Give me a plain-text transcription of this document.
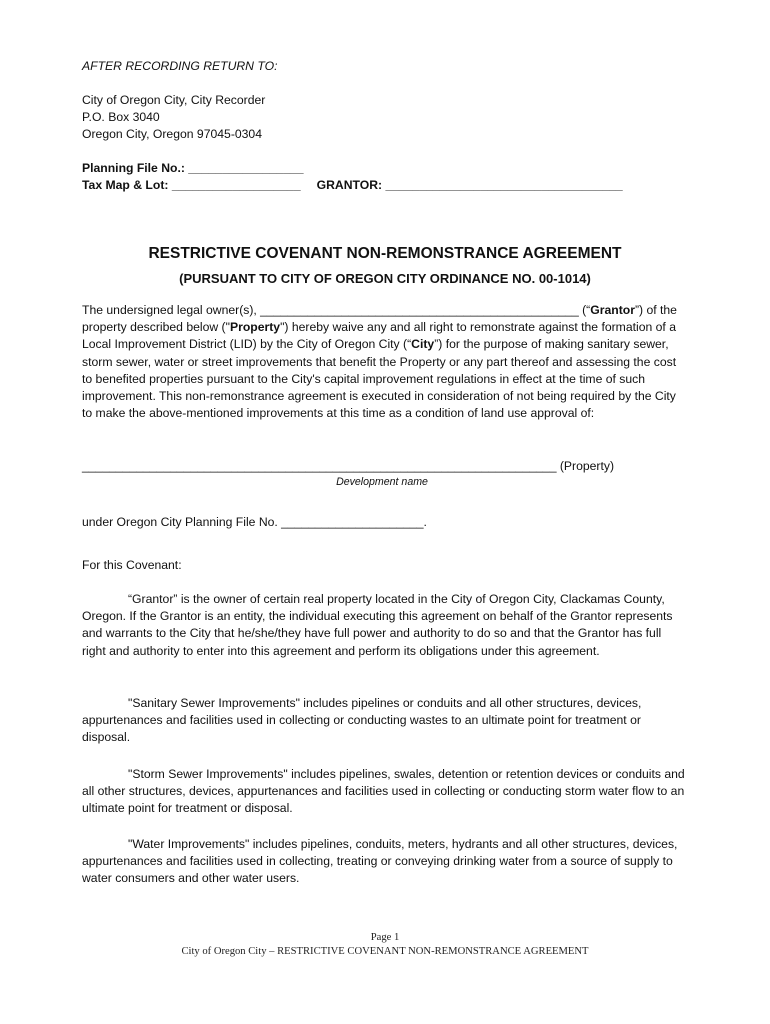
AFTER RECORDING RETURN TO:

City of Oregon City, City Recorder

P.O. Box 3040

Oregon City, Oregon 97045-0304

Planning File No.: _________________

Tax Map & Lot: ___________________ GRANTOR: ___________________________________

RESTRICTIVE COVENANT NON-REMONSTRANCE AGREEMENT

(PURSUANT TO CITY OF OREGON CITY ORDINANCE NO. 00-1014)

The undersigned legal owner(s), _______________________________________________ (“Grantor”) of the property described below ("Property") hereby waive any and all right to remonstrate against the formation of a Local Improvement District (LID) by the City of Oregon City (“City”) for the purpose of making sanitary sewer, storm sewer, water or street improvements that benefit the Property or any part thereof and assessing the cost to benefited properties pursuant to the City's capital improvement regulations in effect at the time of such improvement. This non-remonstrance agreement is executed in consideration of not being required by the City to make the above-mentioned improvements at this time as a condition of land use approval of:

______________________________________________________________________ (Property)
Development name
under Oregon City Planning File No. _____________________.
For this Covenant:

“Grantor” is the owner of certain real property located in the City of Oregon City, Clackamas County, Oregon. If the Grantor is an entity, the individual executing this agreement on behalf of the Grantor represents and warrants to the City that he/she/they have full power and authority to do so and that the Grantor has full right and authority to enter into this agreement and perform its obligations under this agreement.

"Sanitary Sewer Improvements" includes pipelines or conduits and all other structures, devices, appurtenances and facilities used in collecting or conducting wastes to an ultimate point for treatment or disposal.

"Storm Sewer Improvements" includes pipelines, swales, detention or retention devices or conduits and all other structures, devices, appurtenances and facilities used in collecting or conducting storm water flow to an ultimate point for treatment or disposal.

"Water Improvements" includes pipelines, conduits, meters, hydrants and all other structures, devices, appurtenances and facilities used in collecting, treating or conveying drinking water from a source of supply to water consumers and other water users.

Page 1

City of Oregon City – RESTRICTIVE COVENANT NON-REMONSTRANCE AGREEMENT
